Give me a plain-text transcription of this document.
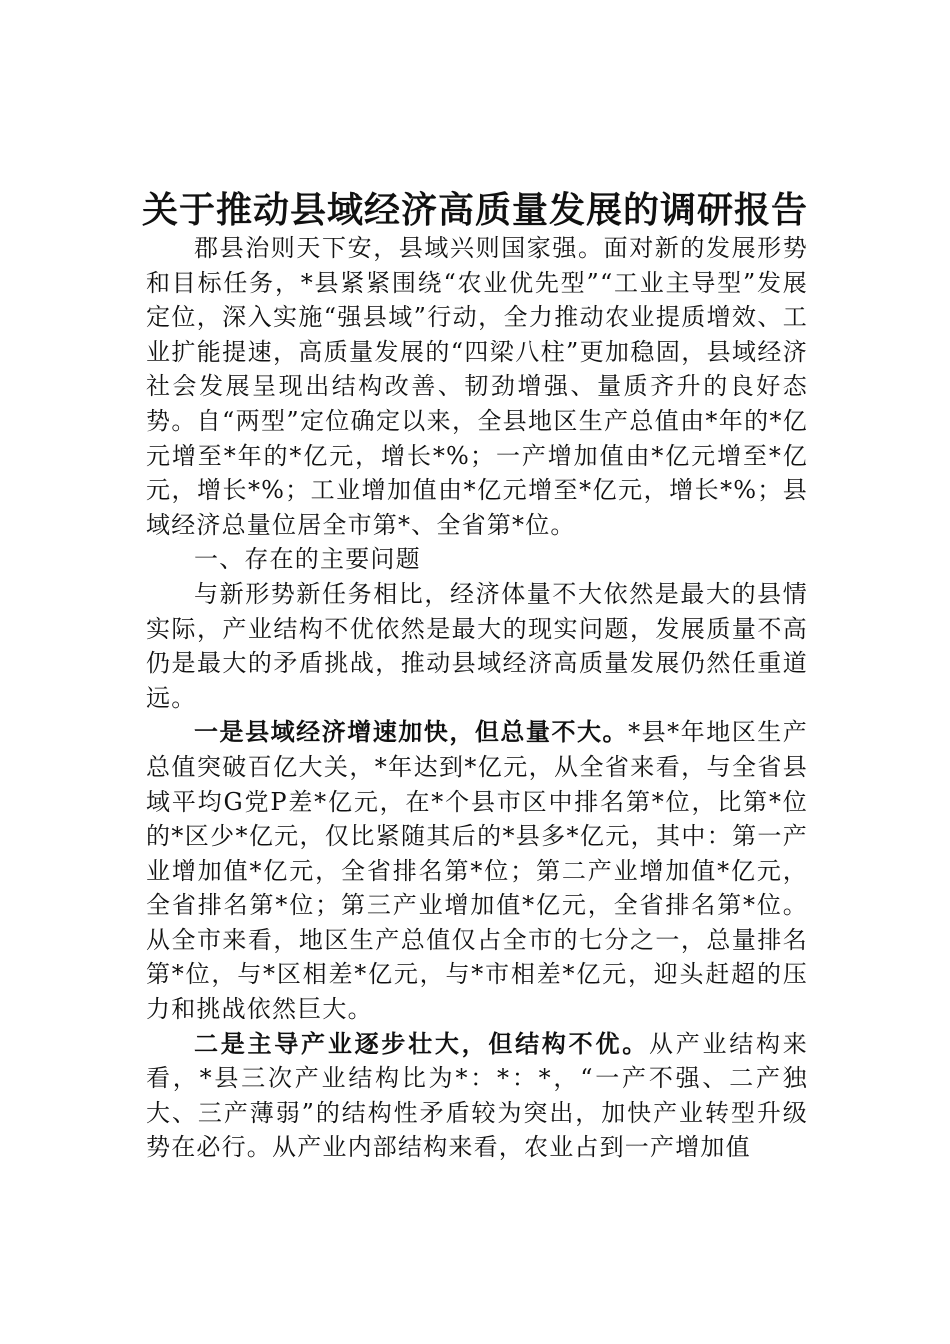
关于推动县域经济高质量发展的调研报告

郡县治则天下安，县域兴则国家强。面对新的发展形势和目标任务，*县紧紧围绕“农业优先型”“工业主导型”发展定位，深入实施“强县域”行动，全力推动农业提质增效、工业扩能提速，高质量发展的“四梁八柱”更加稳固，县域经济社会发展呈现出结构改善、韧劲增强、量质齐升的良好态势。自“两型”定位确定以来，全县地区生产总值由*年的*亿元增至*年的*亿元，增长*%；一产增加值由*亿元增至*亿元，增长*%；工业增加值由*亿元增至*亿元，增长*%；县域经济总量位居全市第*、全省第*位。

一、存在的主要问题

与新形势新任务相比，经济体量不大依然是最大的县情实际，产业结构不优依然是最大的现实问题，发展质量不高仍是最大的矛盾挑战，推动县域经济高质量发展仍然任重道远。

一是县域经济增速加快，但总量不大。*县*年地区生产总值突破百亿大关，*年达到*亿元，从全省来看，与全省县域平均G党P差*亿元，在*个县市区中排名第*位，比第*位的*区少*亿元，仅比紧随其后的*县多*亿元，其中：第一产业增加值*亿元，全省排名第*位；第二产业增加值*亿元，全省排名第*位；第三产业增加值*亿元，全省排名第*位。从全市来看，地区生产总值仅占全市的七分之一，总量排名第*位，与*区相差*亿元，与*市相差*亿元，迎头赶超的压力和挑战依然巨大。

二是主导产业逐步壮大，但结构不优。从产业结构来看，*县三次产业结构比为*：*：*，“一产不强、二产独大、三产薄弱”的结构性矛盾较为突出，加快产业转型升级势在必行。从产业内部结构来看，农业占到一产增加值
